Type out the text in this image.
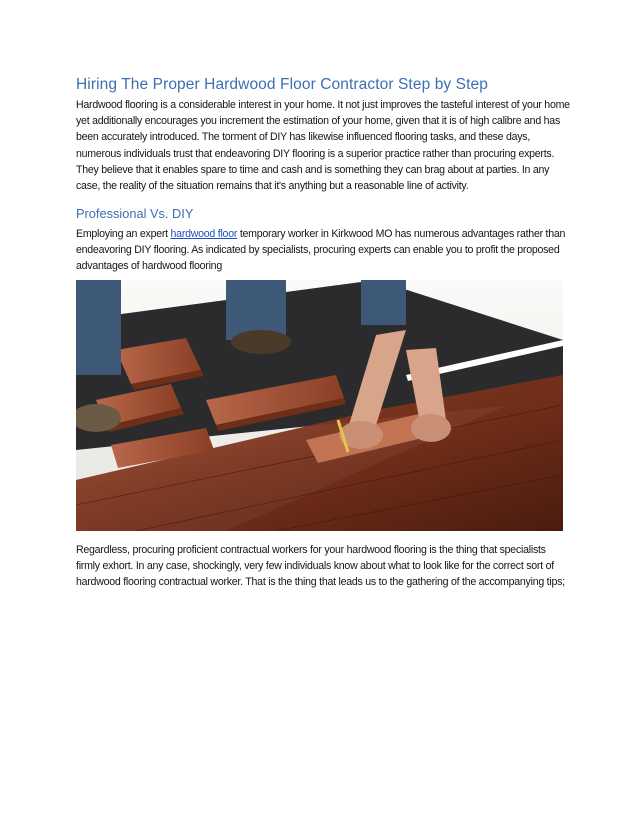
Hiring The Proper Hardwood Floor Contractor Step by Step

Hardwood flooring is a considerable interest in your home. It not just improves the tasteful interest of your home yet additionally encourages you increment the estimation of your home, given that it is of high calibre and has been accurately introduced. The torment of DIY has likewise influenced flooring tasks, and these days, numerous individuals trust that endeavoring DIY flooring is a superior practice rather than procuring experts. They believe that it enables spare to time and cash and is something they can brag about at parties. In any case, the reality of the situation remains that it's anything but a reasonable line of activity.

Professional Vs. DIY

Employing an expert hardwood floor temporary worker in Kirkwood MO has numerous advantages rather than endeavoring DIY flooring. As indicated by specialists, procuring experts can enable you to profit the proposed advantages of hardwood flooring

Regardless, procuring proficient contractual workers for your hardwood flooring is the thing that specialists firmly exhort. In any case, shockingly, very few individuals know about what to look like for the correct sort of hardwood flooring contractual worker. That is the thing that leads us to the gathering of the accompanying tips;
